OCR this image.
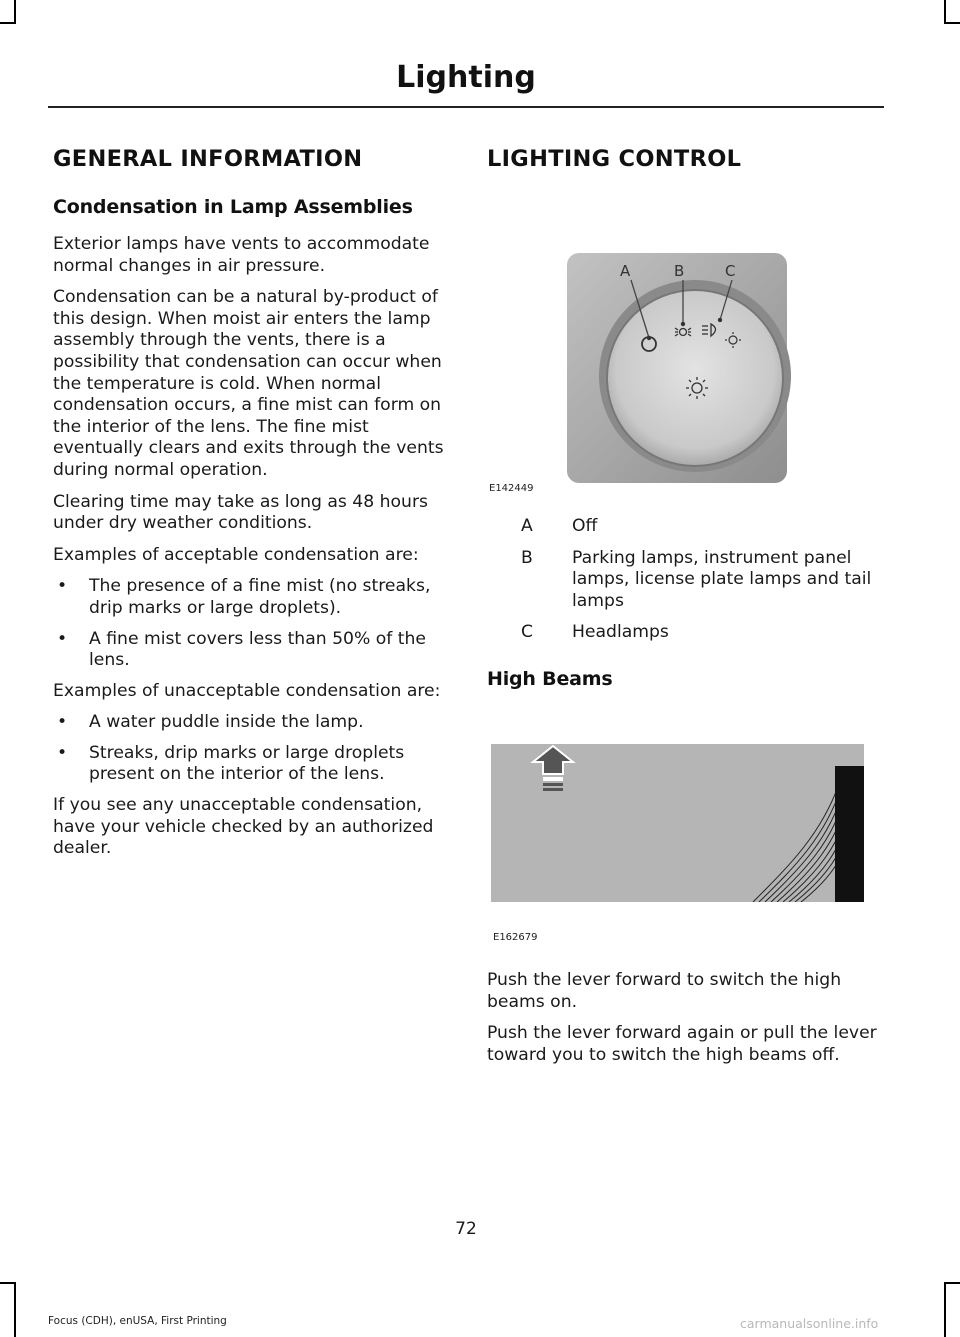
Lighting
GENERAL INFORMATION
Condensation in Lamp Assemblies

Exterior lamps have vents to accommodate normal changes in air pressure.

Condensation can be a natural by-product of this design. When moist air enters the lamp assembly through the vents, there is a possibility that condensation can occur when the temperature is cold. When normal condensation occurs, a fine mist can form on the interior of the lens. The fine mist eventually clears and exits through the vents during normal operation.

Clearing time may take as long as 48 hours under dry weather conditions.

Examples of acceptable condensation are:

• The presence of a fine mist (no streaks, drip marks or large droplets).
• A fine mist covers less than 50% of the lens.

Examples of unacceptable condensation are:

• A water puddle inside the lamp.
• Streaks, drip marks or large droplets present on the interior of the lens.

If you see any unacceptable condensation, have your vehicle checked by an authorized dealer.

LIGHTING CONTROL
A	B	C
E142449
A	Off
B	Parking lamps, instrument panel lamps, license plate lamps and tail lamps
C	Headlamps
High Beams
E162679

Push the lever forward to switch the high beams on.

Push the lever forward again or pull the lever toward you to switch the high beams off.

72
Focus (CDH), enUSA, First Printing	carmanualsonline.info
